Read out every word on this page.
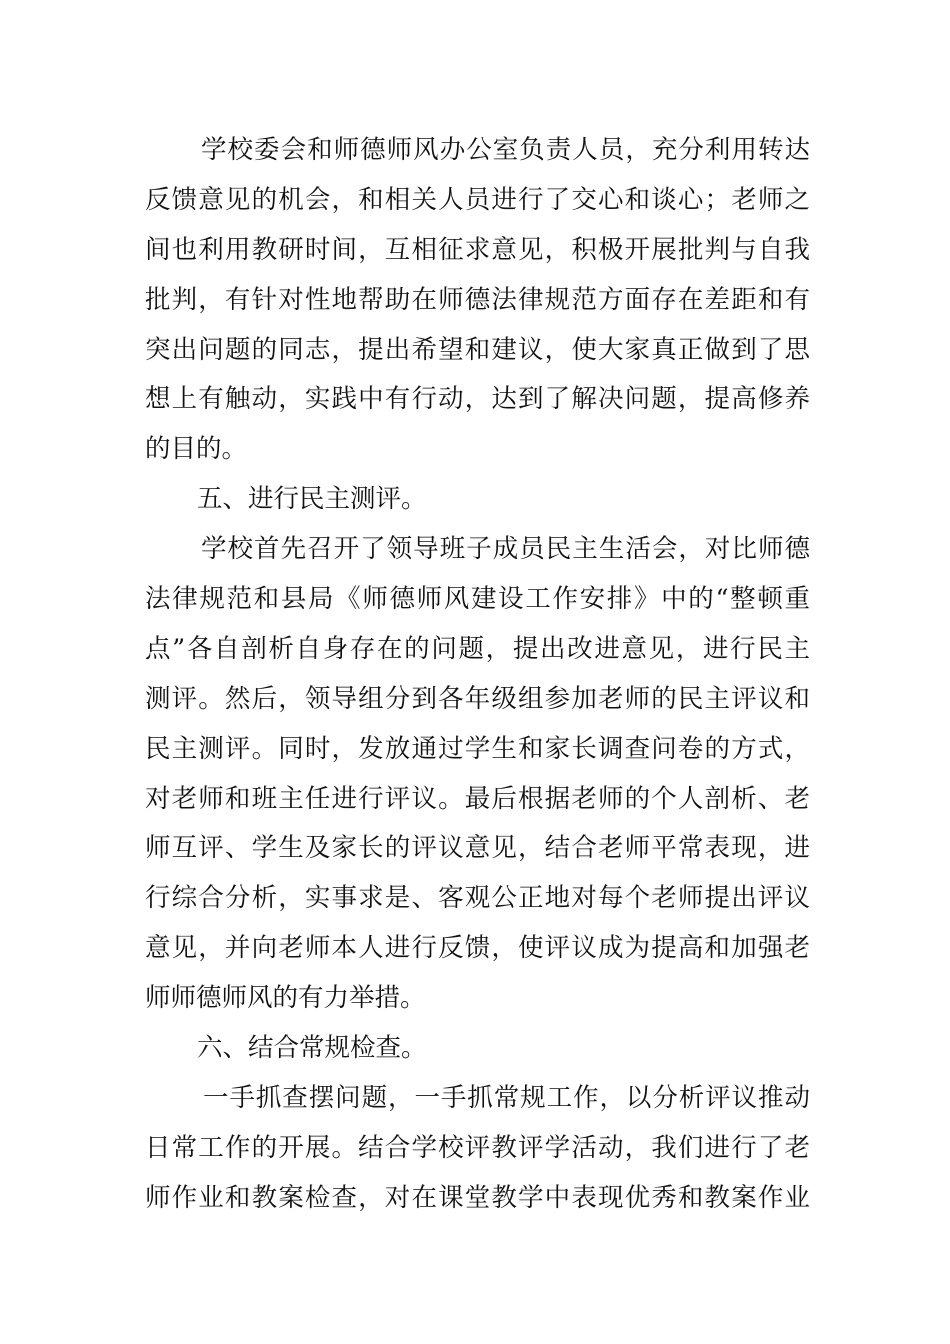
学校委会和师德师风办公室负责人员，充分利用转达
反馈意见的机会，和相关人员进行了交心和谈心；老师之
间也利用教研时间，互相征求意见，积极开展批判与自我
批判，有针对性地帮助在师德法律规范方面存在差距和有
突出问题的同志，提出希望和建议，使大家真正做到了思
想上有触动，实践中有行动，达到了解决问题，提高修养
的目的。
五、进行民主测评。
学校首先召开了领导班子成员民主生活会，对比师德
法律规范和县局《师德师风建设工作安排》中的“整顿重
点”各自剖析自身存在的问题，提出改进意见，进行民主
测评。然后，领导组分到各年级组参加老师的民主评议和
民主测评。同时，发放通过学生和家长调查问卷的方式，
对老师和班主任进行评议。最后根据老师的个人剖析、老
师互评、学生及家长的评议意见，结合老师平常表现，进
行综合分析，实事求是、客观公正地对每个老师提出评议
意见，并向老师本人进行反馈，使评议成为提高和加强老
师师德师风的有力举措。
六、结合常规检查。
一手抓查摆问题，一手抓常规工作，以分析评议推动
日常工作的开展。结合学校评教评学活动，我们进行了老
师作业和教案检查，对在课堂教学中表现优秀和教案作业
